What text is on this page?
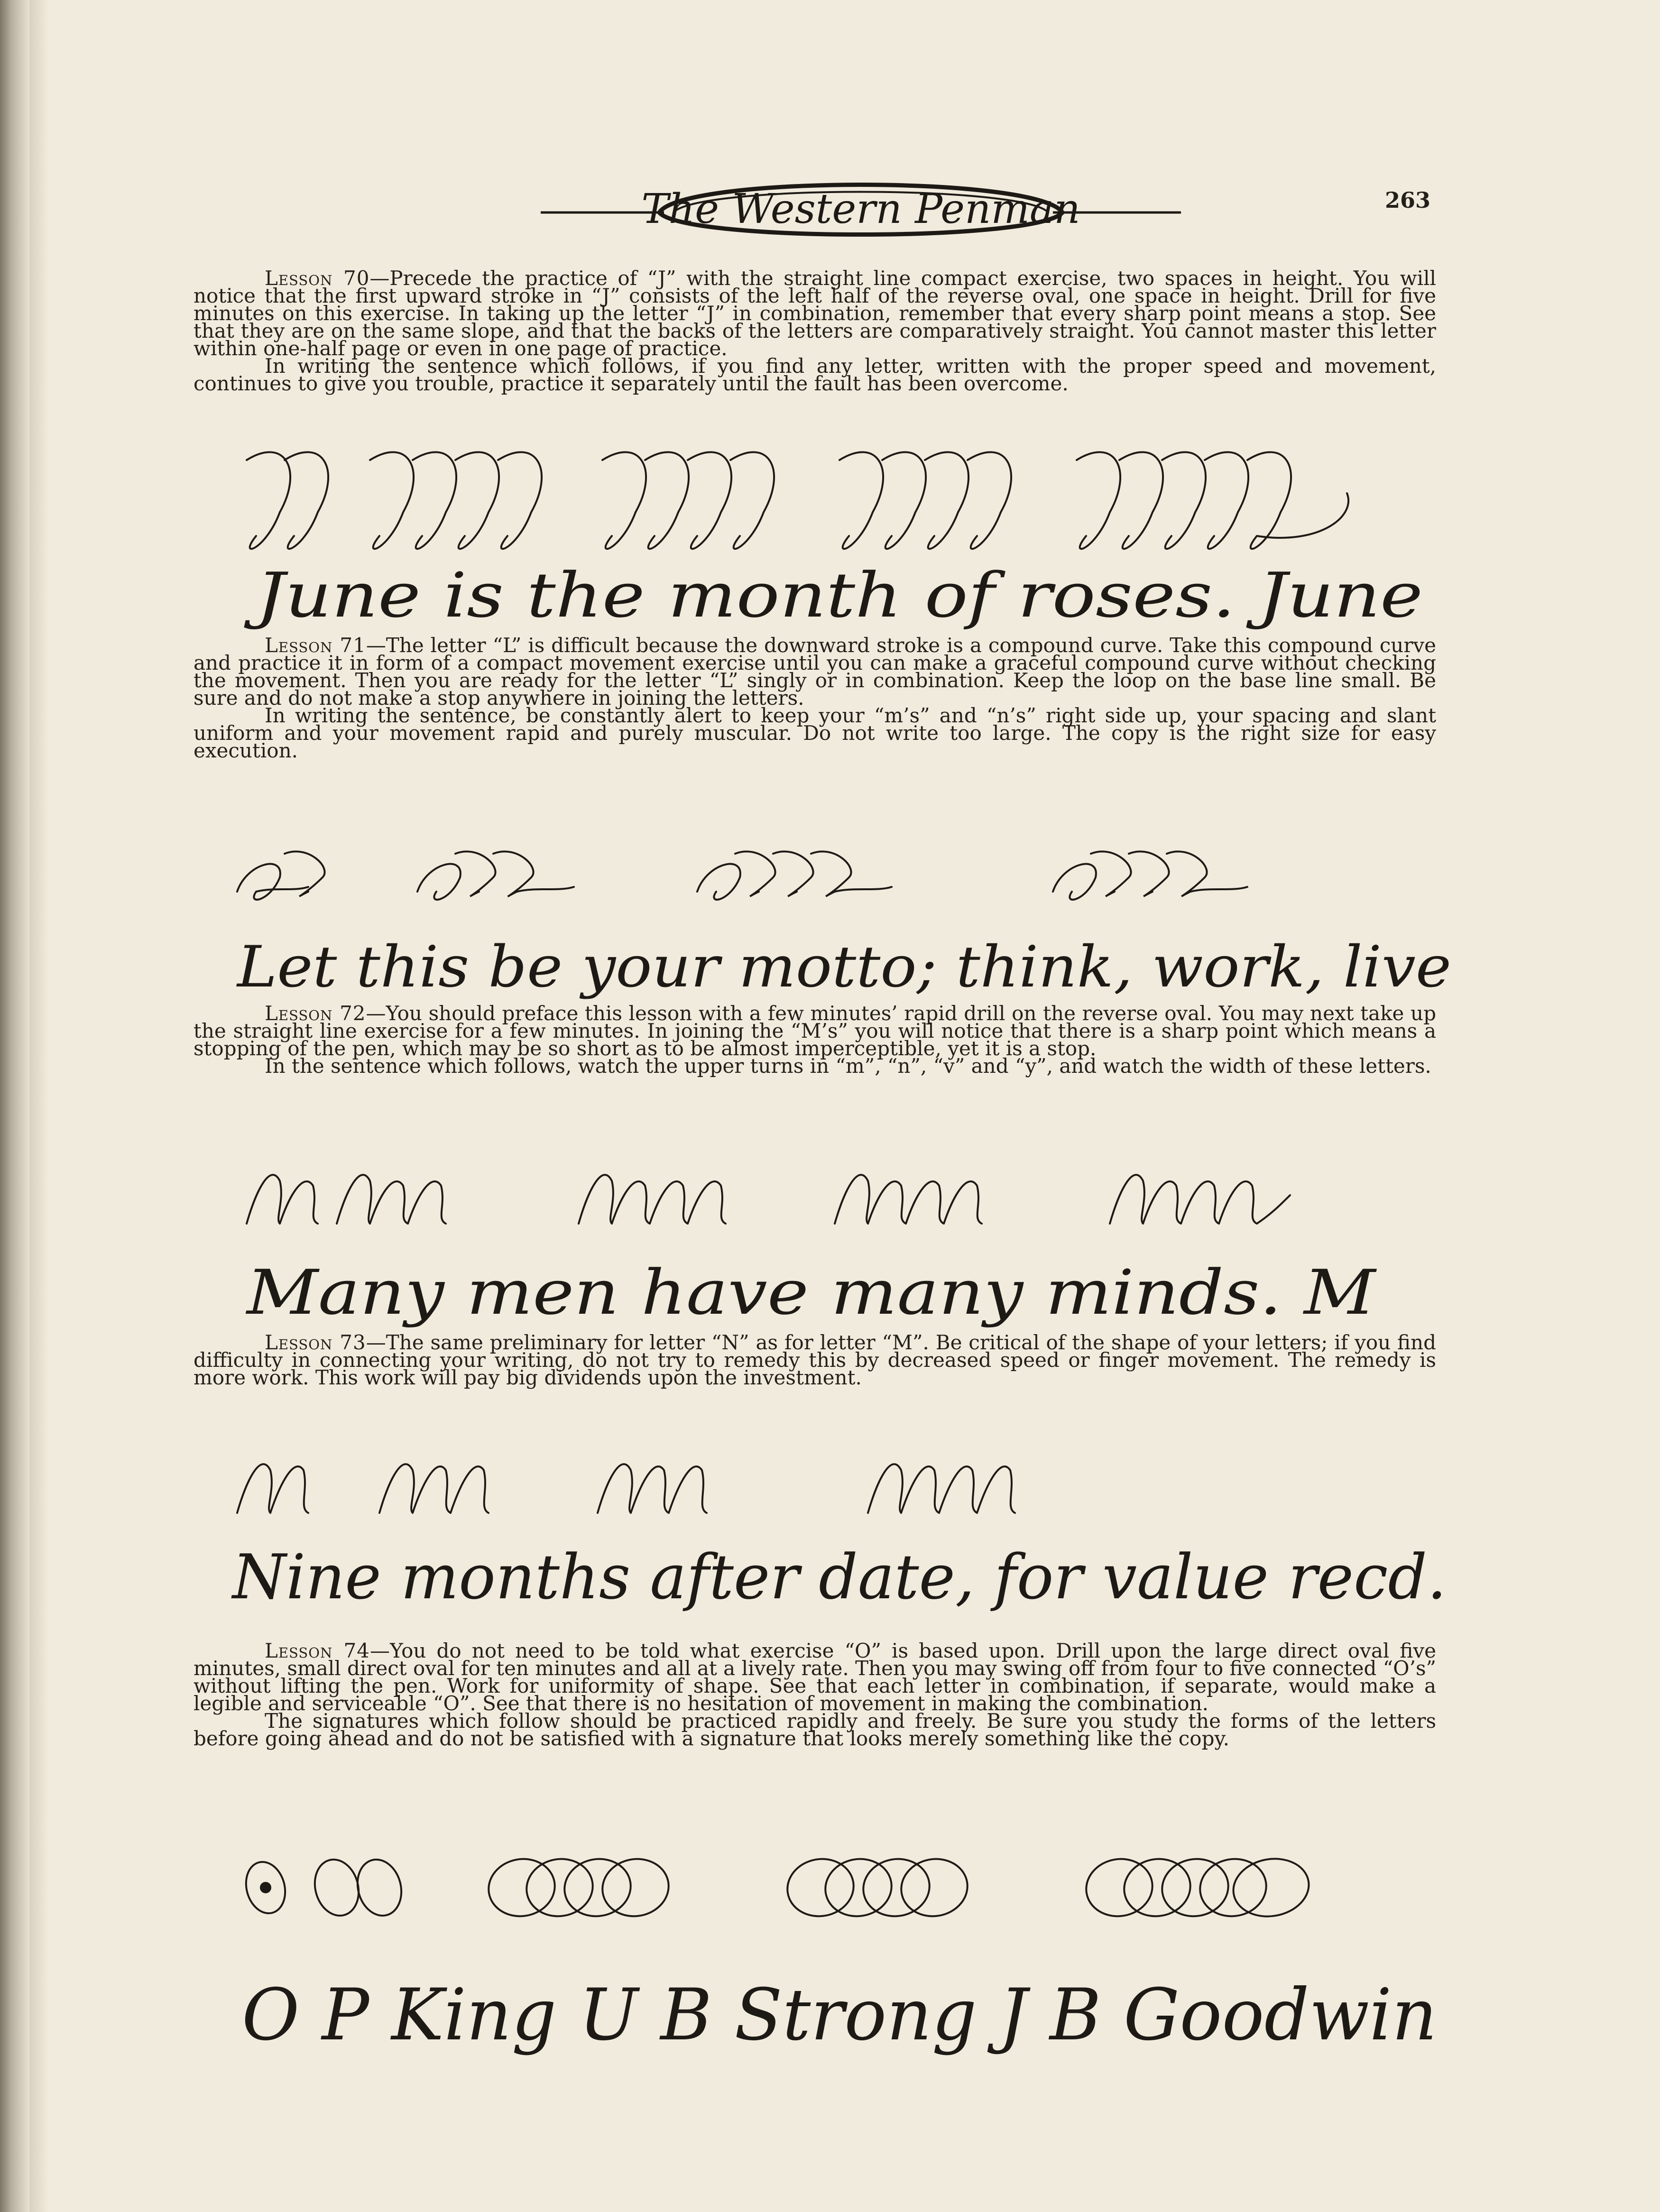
The Western Penman	263

Lesson 70—Precede the practice of “J” with the straight line compact exercise, two spaces in height. You will notice that the first upward stroke in “J” consists of the left half of the reverse oval, one space in height. Drill for five minutes on this exercise. In taking up the letter “J” in combination, remember that every sharp point means a stop. See that they are on the same slope, and that the backs of the letters are comparatively straight. You cannot master this letter within one-half page or even in one page of practice.

In writing the sentence which follows, if you find any letter, written with the proper speed and movement, continues to give you trouble, practice it separately until the fault has been overcome.

June is the month of roses. June

Lesson 71—The letter “L” is difficult because the downward stroke is a compound curve. Take this compound curve and practice it in form of a compact movement exercise until you can make a graceful compound curve without checking the movement. Then you are ready for the letter “L” singly or in combination. Keep the loop on the base line small. Be sure and do not make a stop anywhere in joining the letters.

In writing the sentence, be constantly alert to keep your “m’s” and “n’s” right side up, your spacing and slant uniform and your movement rapid and purely muscular. Do not write too large. The copy is the right size for easy execution.

Let this be your motto; think, work, live

Lesson 72—You should preface this lesson with a few minutes’ rapid drill on the reverse oval. You may next take up the straight line exercise for a few minutes. In joining the “M’s” you will notice that there is a sharp point which means a stopping of the pen, which may be so short as to be almost imperceptible, yet it is a stop.

In the sentence which follows, watch the upper turns in “m”, “n”, “v” and “y”, and watch the width of these letters.

Many men have many minds. M

Lesson 73—The same preliminary for letter “N” as for letter “M”. Be critical of the shape of your letters; if you find difficulty in connecting your writing, do not try to remedy this by decreased speed or finger movement. The remedy is more work. This work will pay big dividends upon the investment.

Nine months after date, for value recd.

Lesson 74—You do not need to be told what exercise “O” is based upon. Drill upon the large direct oval five minutes, small direct oval for ten minutes and all at a lively rate. Then you may swing off from four to five connected “O’s” without lifting the pen. Work for uniformity of shape. See that each letter in combination, if separate, would make a legible and serviceable “O”. See that there is no hesitation of movement in making the combination.

The signatures which follow should be practiced rapidly and freely. Be sure you study the forms of the letters before going ahead and do not be satisfied with a signature that looks merely something like the copy.

O P King U B Strong J B Goodwin
